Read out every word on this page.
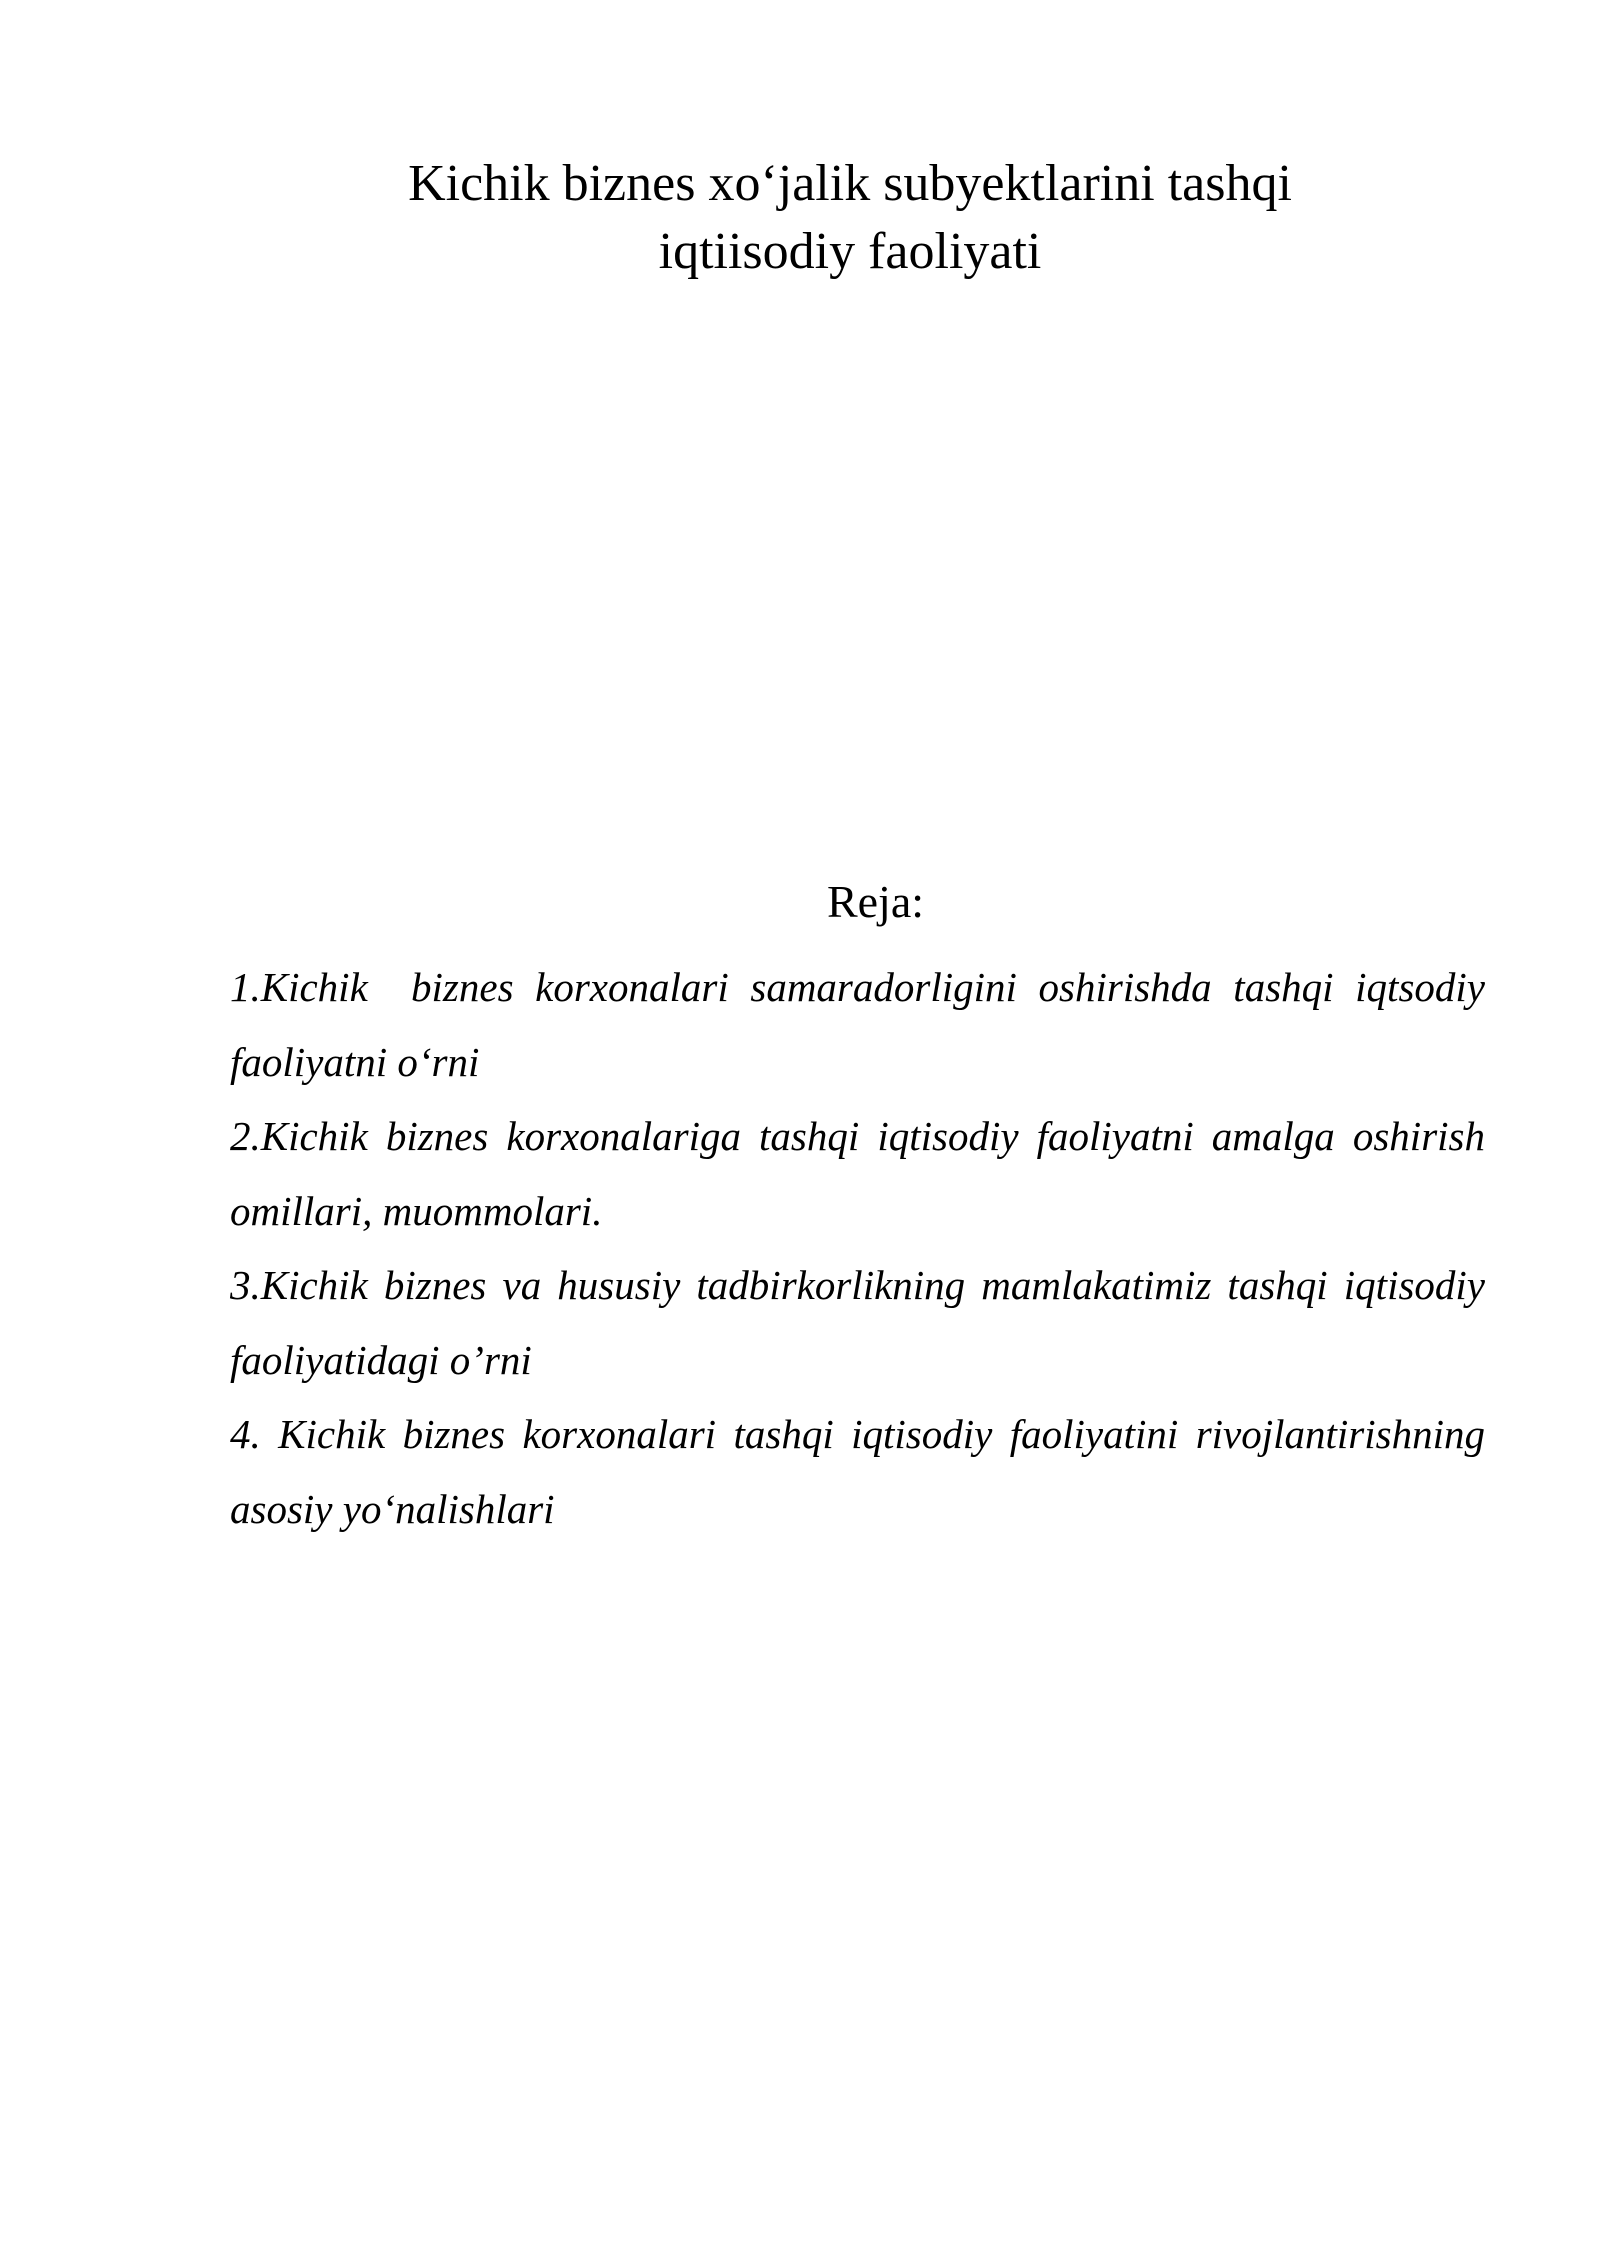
Kichik biznes xo‘jalik subyektlarini tashqi
iqtiisodiy faoliyati
Reja:
1.Kichik  biznes korxonalari samaradorligini oshirishda tashqi iqtsodiy faoliyatni o‘rni
2.Kichik biznes korxonalariga tashqi iqtisodiy faoliyatni amalga oshirish omillari, muommolari.
3.Kichik biznes va hususiy tadbirkorlikning mamlakatimiz tashqi iqtisodiy faoliyatidagi o’rni
4. Kichik biznes korxonalari tashqi iqtisodiy faoliyatini rivojlantirishning   asosiy yo‘nalishlari
